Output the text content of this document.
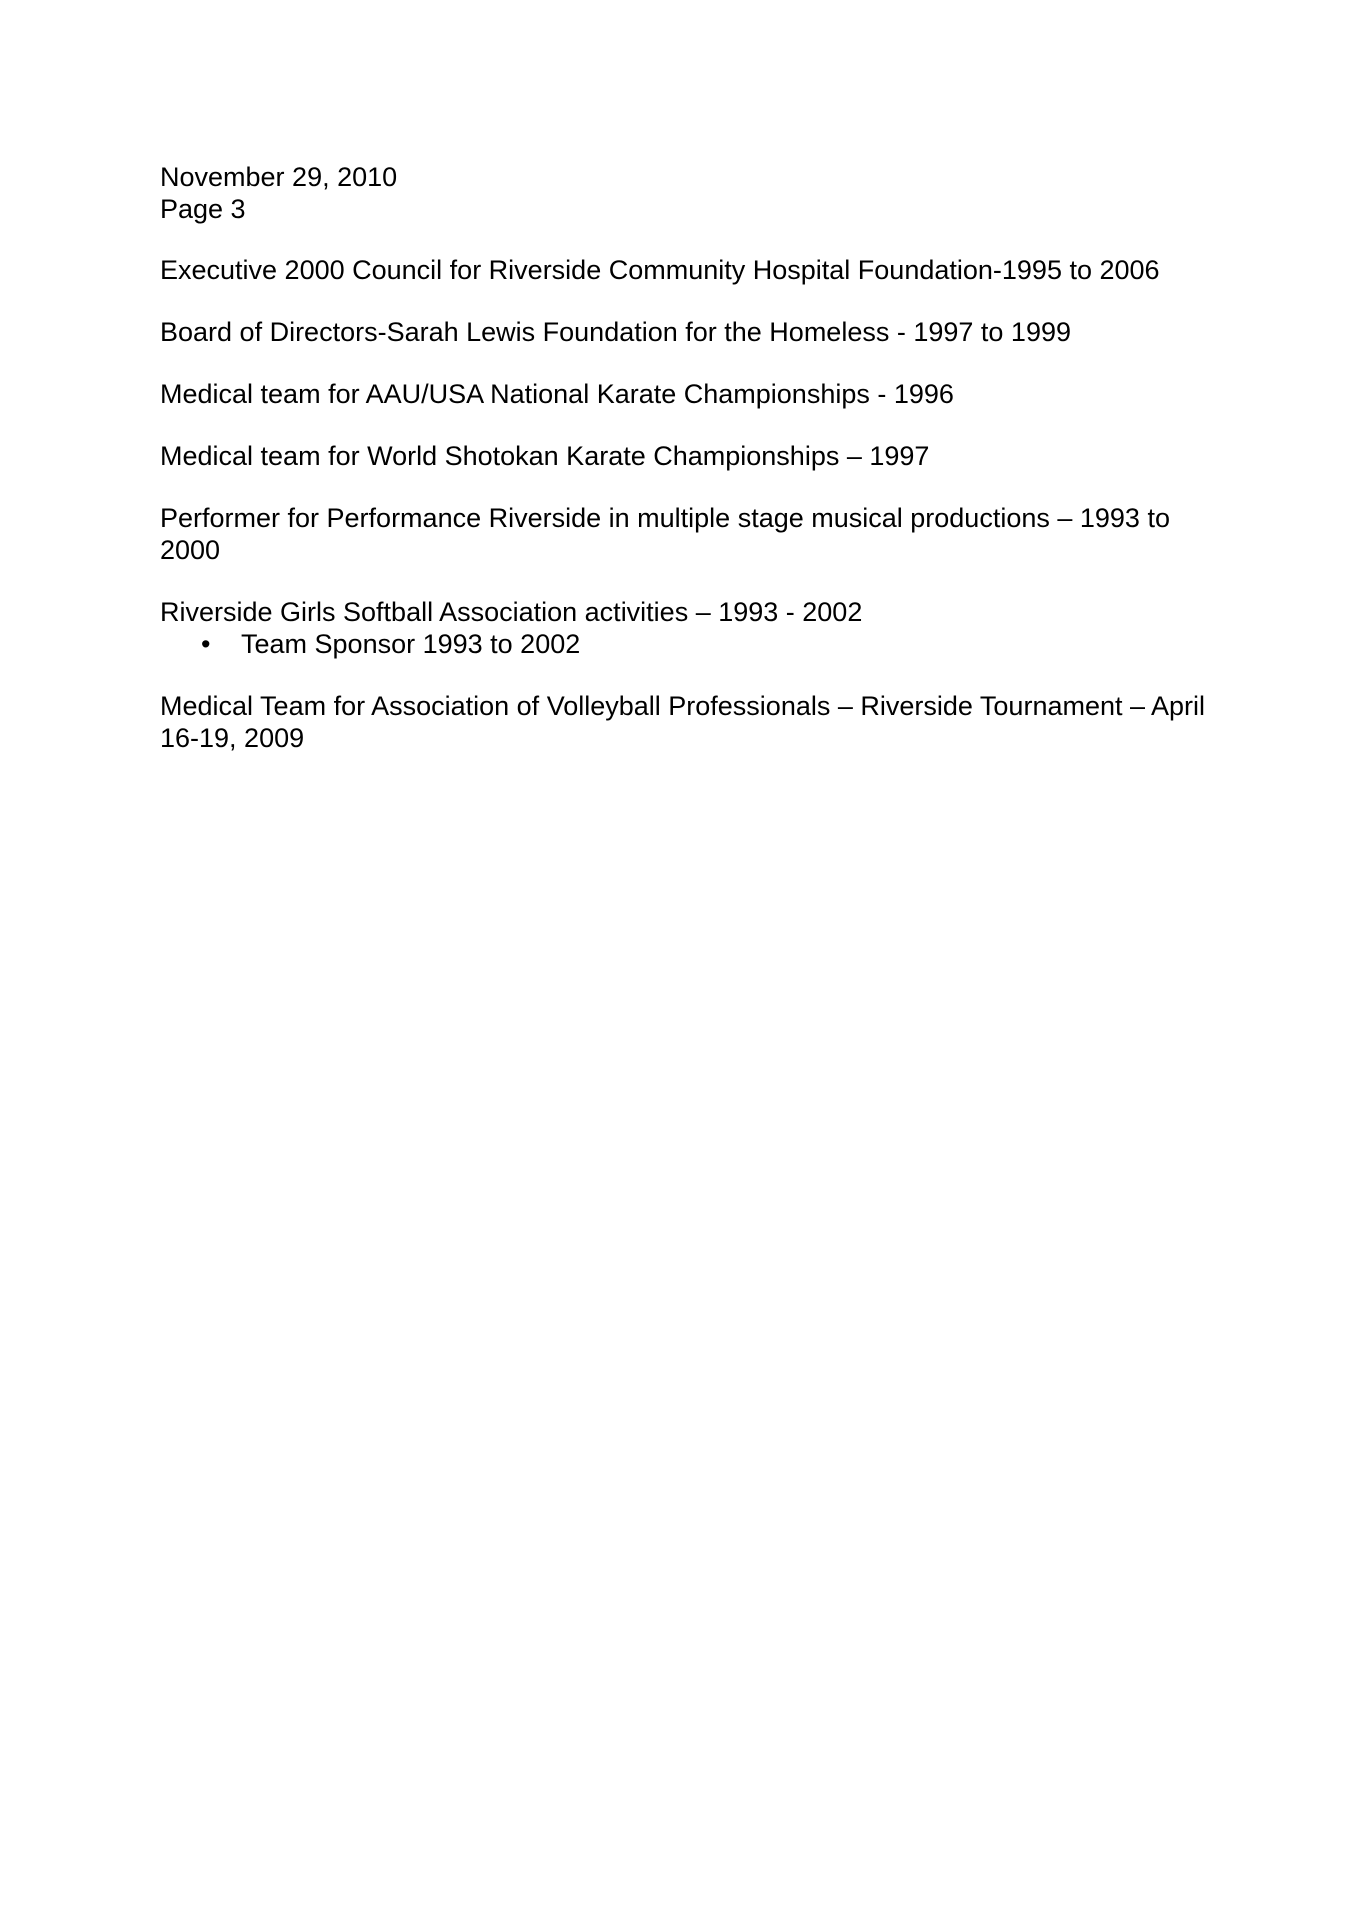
November 29, 2010
Page 3
Executive 2000 Council for Riverside Community Hospital Foundation-1995 to 2006
Board of Directors-Sarah Lewis Foundation for the Homeless - 1997 to 1999
Medical team for AAU/USA National Karate Championships - 1996
Medical team for World Shotokan Karate Championships – 1997
Performer for Performance Riverside in multiple stage musical productions – 1993 to 2000
Riverside Girls Softball Association activities – 1993 - 2002
• Team Sponsor 1993 to 2002
Medical Team for Association of Volleyball Professionals – Riverside Tournament – April 16-19, 2009
